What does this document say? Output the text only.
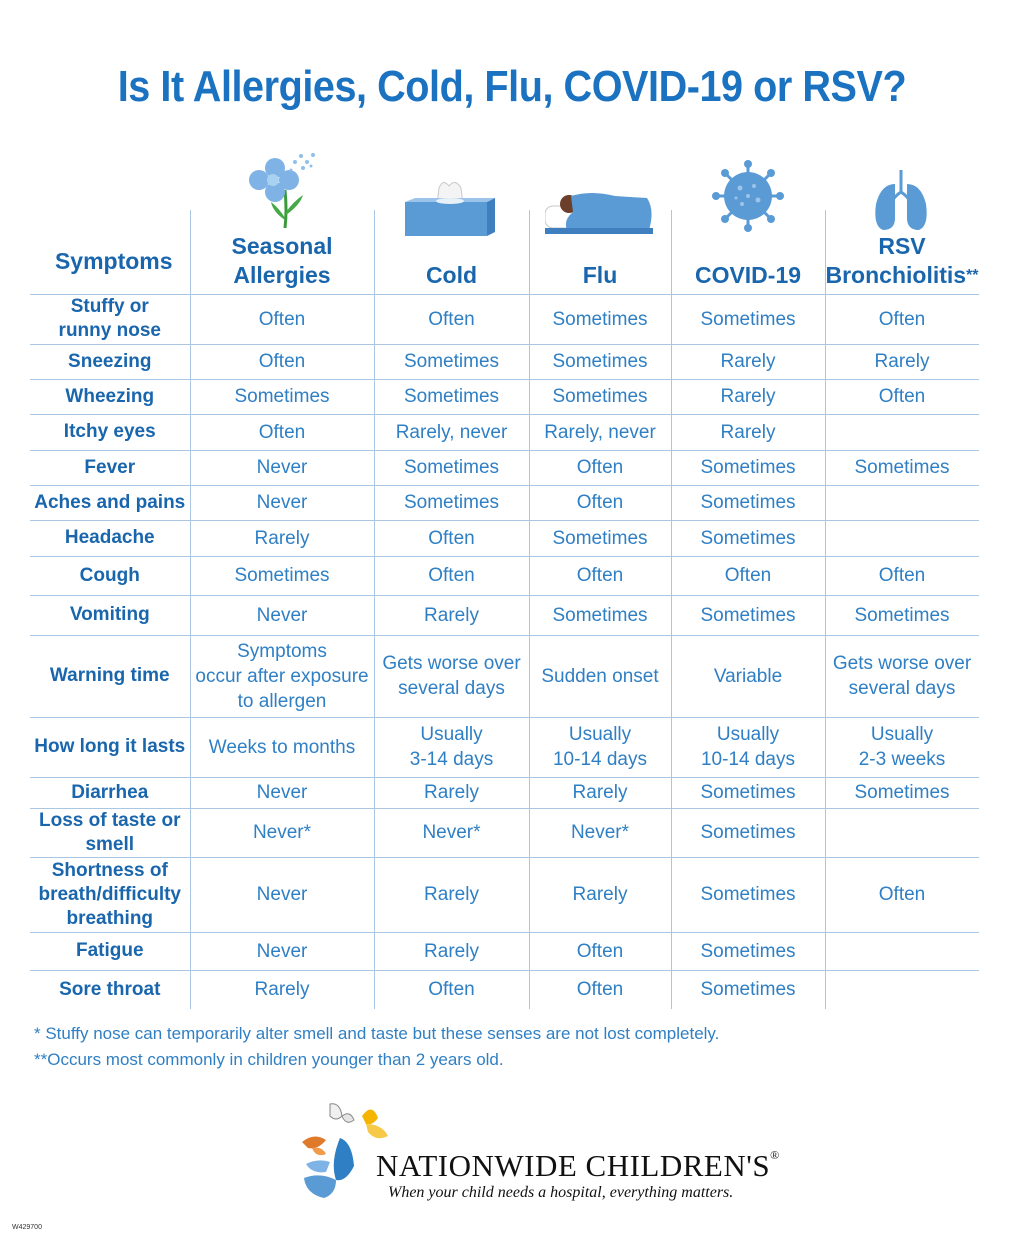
Is It Allergies, Cold, Flu, COVID-19 or RSV?
Symptoms	Seasonal
Allergies	Cold	Flu	COVID-19	RSV
Bronchiolitis**
Stuffy or
runny nose	Often	Often	Sometimes	Sometimes	Often
Sneezing	Often	Sometimes	Sometimes	Rarely	Rarely
Wheezing	Sometimes	Sometimes	Sometimes	Rarely	Often
Itchy eyes	Often	Rarely, never	Rarely, never	Rarely	
Fever	Never	Sometimes	Often	Sometimes	Sometimes
Aches and pains	Never	Sometimes	Often	Sometimes	
Headache	Rarely	Often	Sometimes	Sometimes	
Cough	Sometimes	Often	Often	Often	Often
Vomiting	Never	Rarely	Sometimes	Sometimes	Sometimes
Warning time	Symptoms
occur after exposure
to allergen	Gets worse over
several days	Sudden onset	Variable	Gets worse over
several days
How long it lasts	Weeks to months	Usually
3-14 days	Usually
10-14 days	Usually
10-14 days	Usually
2-3 weeks
Diarrhea	Never	Rarely	Rarely	Sometimes	Sometimes
Loss of taste or
smell	Never*	Never*	Never*	Sometimes	
Shortness of
breath/difficulty
breathing	Never	Rarely	Rarely	Sometimes	Often
Fatigue	Never	Rarely	Often	Sometimes	
Sore throat	Rarely	Often	Often	Sometimes	
* Stuffy nose can temporarily alter smell and taste but these senses are not lost completely.
**Occurs most commonly in children younger than 2 years old.
NATIONWIDE CHILDREN'S®
When your child needs a hospital, everything matters.
W429700
